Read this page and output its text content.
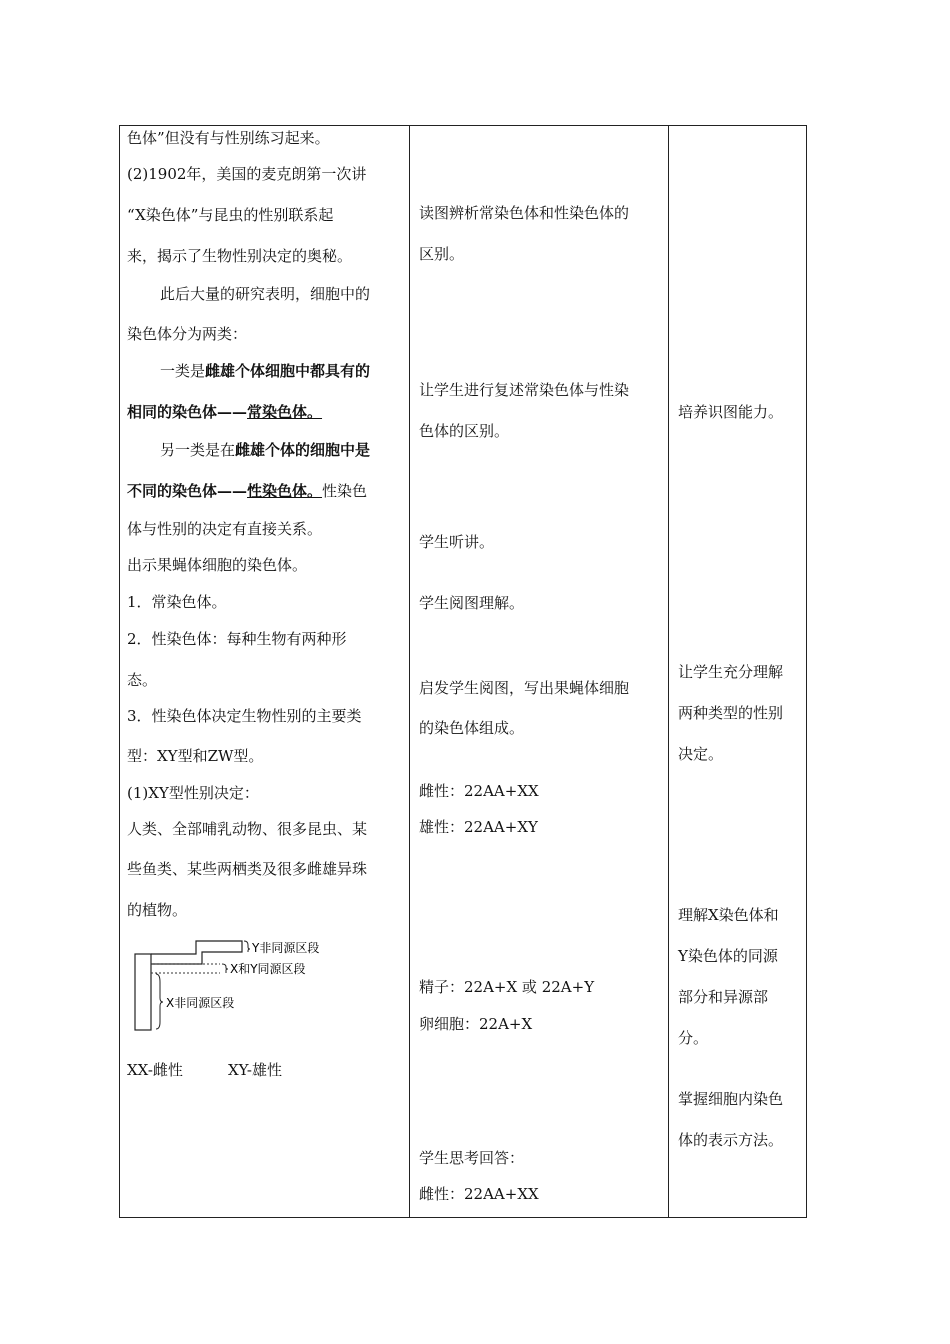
色体”但没有与性别练习起来。
(2)1902年，美国的麦克朗第一次讲
“X染色体”与昆虫的性别联系起
来，揭示了生物性别决定的奥秘。
此后大量的研究表明，细胞中的
染色体分为两类：
一类是雌雄个体细胞中都具有的
相同的染色体——常染色体。
另一类是在雌雄个体的细胞中是
不同的染色体——性染色体。性染色
体与性别的决定有直接关系。
出示果蝇体细胞的染色体。
1．常染色体。
2．性染色体：每种生物有两种形
态。
3．性染色体决定生物性别的主要类
型：XY型和ZW型。
(1)XY型性别决定：
人类、全部哺乳动物、很多昆虫、某
些鱼类、某些两栖类及很多雌雄异珠
的植物。
Y非同源区段
X和Y同源区段
X非同源区段
XX-雌性	XY-雄性
读图辨析常染色体和性染色体的
区别。
让学生进行复述常染色体与性染
色体的区别。
学生听讲。
学生阅图理解。
启发学生阅图，写出果蝇体细胞
的染色体组成。
雌性：22AA+XX
雄性：22AA+XY
精子：22A+X 或 22A+Y
卵细胞：22A+X
学生思考回答：
雌性：22AA+XX
培养识图能力。
让学生充分理解
两种类型的性别
决定。
理解X染色体和
Y染色体的同源
部分和异源部
分。
掌握细胞内染色
体的表示方法。
